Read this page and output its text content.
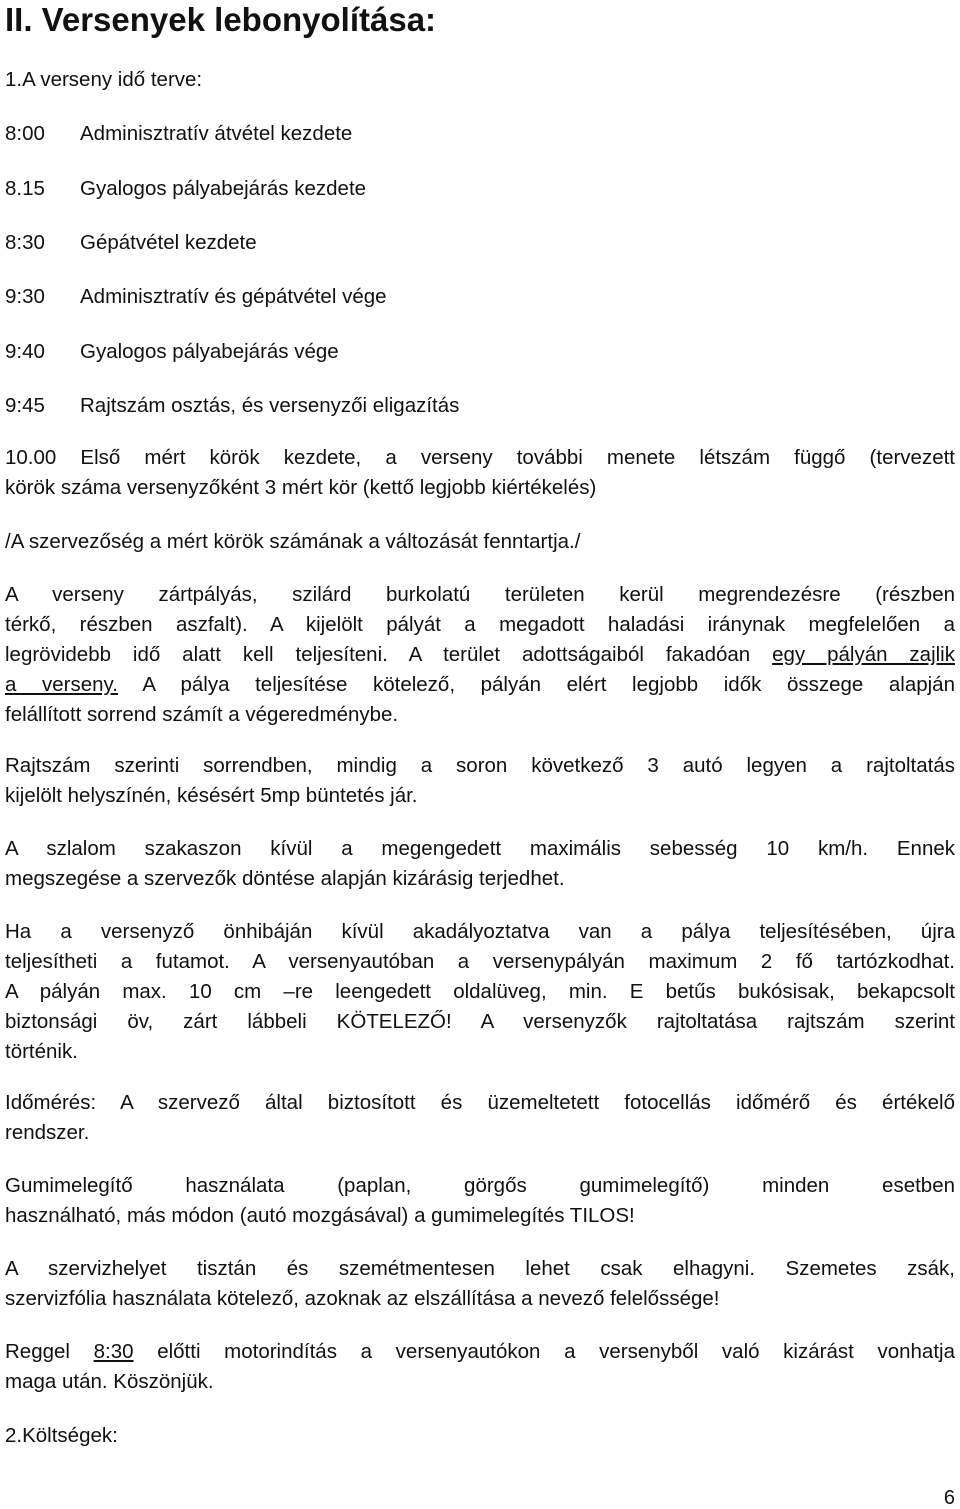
II. Versenyek lebonyolítása:

1.A verseny idő terve:

8:00 Adminisztratív átvétel kezdete
8.15 Gyalogos pályabejárás kezdete
8:30 Gépátvétel kezdete
9:30 Adminisztratív és gépátvétel vége
9:40 Gyalogos pályabejárás vége
9:45 Rajtszám osztás, és versenyzői eligazítás
10.00 Első mért körök kezdete, a verseny további menete létszám függő (tervezett
körök száma versenyzőként 3 mért kör (kettő legjobb kiértékelés)

/A szervezőség a mért körök számának a változását fenntartja./

A verseny zártpályás, szilárd burkolatú területen kerül megrendezésre (részben
térkő, részben aszfalt). A kijelölt pályát a megadott haladási iránynak megfelelően a
legrövidebb idő alatt kell teljesíteni. A terület adottságaiból fakadóan egy pályán zajlik
a verseny. A pálya teljesítése kötelező, pályán elért legjobb idők összege alapján
felállított sorrend számít a végeredménybe.
Rajtszám szerinti sorrendben, mindig a soron következő 3 autó legyen a rajtoltatás
kijelölt helyszínén, késésért 5mp büntetés jár.
A szlalom szakaszon kívül a megengedett maximális sebesség 10 km/h. Ennek
megszegése a szervezők döntése alapján kizárásig terjedhet.
Ha a versenyző önhibáján kívül akadályoztatva van a pálya teljesítésében, újra
teljesítheti a futamot. A versenyautóban a versenypályán maximum 2 fő tartózkodhat.
A pályán max. 10 cm –re leengedett oldalüveg, min. E betűs bukósisak, bekapcsolt
biztonsági öv, zárt lábbeli KÖTELEZŐ! A versenyzők rajtoltatása rajtszám szerint
történik.
Időmérés: A szervező által biztosított és üzemeltetett fotocellás időmérő és értékelő
rendszer.
Gumimelegítő használata (paplan, görgős gumimelegítő) minden esetben
használható, más módon (autó mozgásával) a gumimelegítés TILOS!
A szervizhelyet tisztán és szemétmentesen lehet csak elhagyni. Szemetes zsák,
szervizfólia használata kötelező, azoknak az elszállítása a nevező felelőssége!
Reggel 8:30 előtti motorindítás a versenyautókon a versenyből való kizárást vonhatja
maga után. Köszönjük.

2.Költségek:

6
